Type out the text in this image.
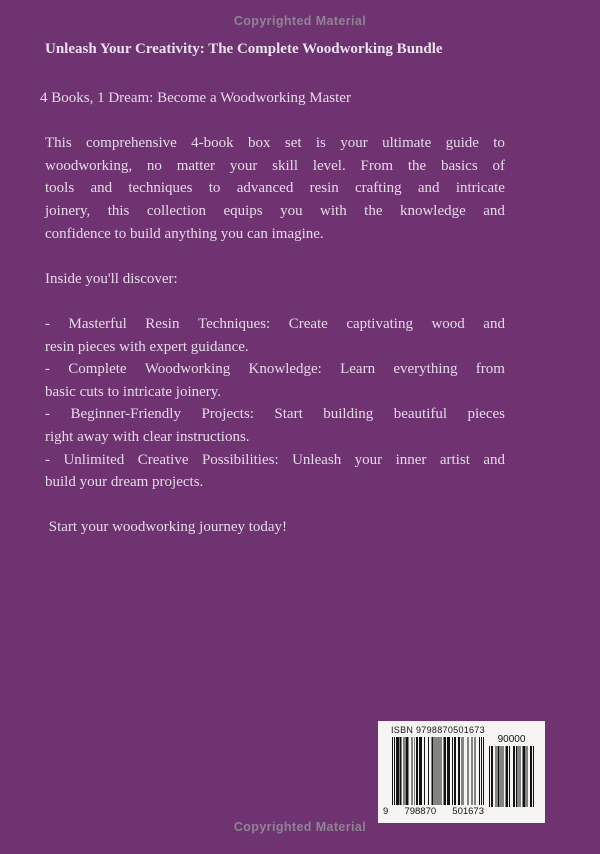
Copyrighted Material
Unleash Your Creativity: The Complete Woodworking Bundle
4 Books, 1 Dream: Become a Woodworking Master
This comprehensive 4-book box set is your ultimate guide to
woodworking, no matter your skill level. From the basics of
tools and techniques to advanced resin crafting and intricate
joinery, this collection equips you with the knowledge and
confidence to build anything you can imagine.
Inside you'll discover:
- Masterful Resin Techniques: Create captivating wood and
resin pieces with expert guidance.
- Complete Woodworking Knowledge: Learn everything from
basic cuts to intricate joinery.
- Beginner-Friendly Projects: Start building beautiful pieces
right away with clear instructions.
- Unlimited Creative Possibilities: Unleash your inner artist and
build your dream projects.
Start your woodworking journey today!
ISBN 9798870501673
9 798870 501673
90000
Copyrighted Material
